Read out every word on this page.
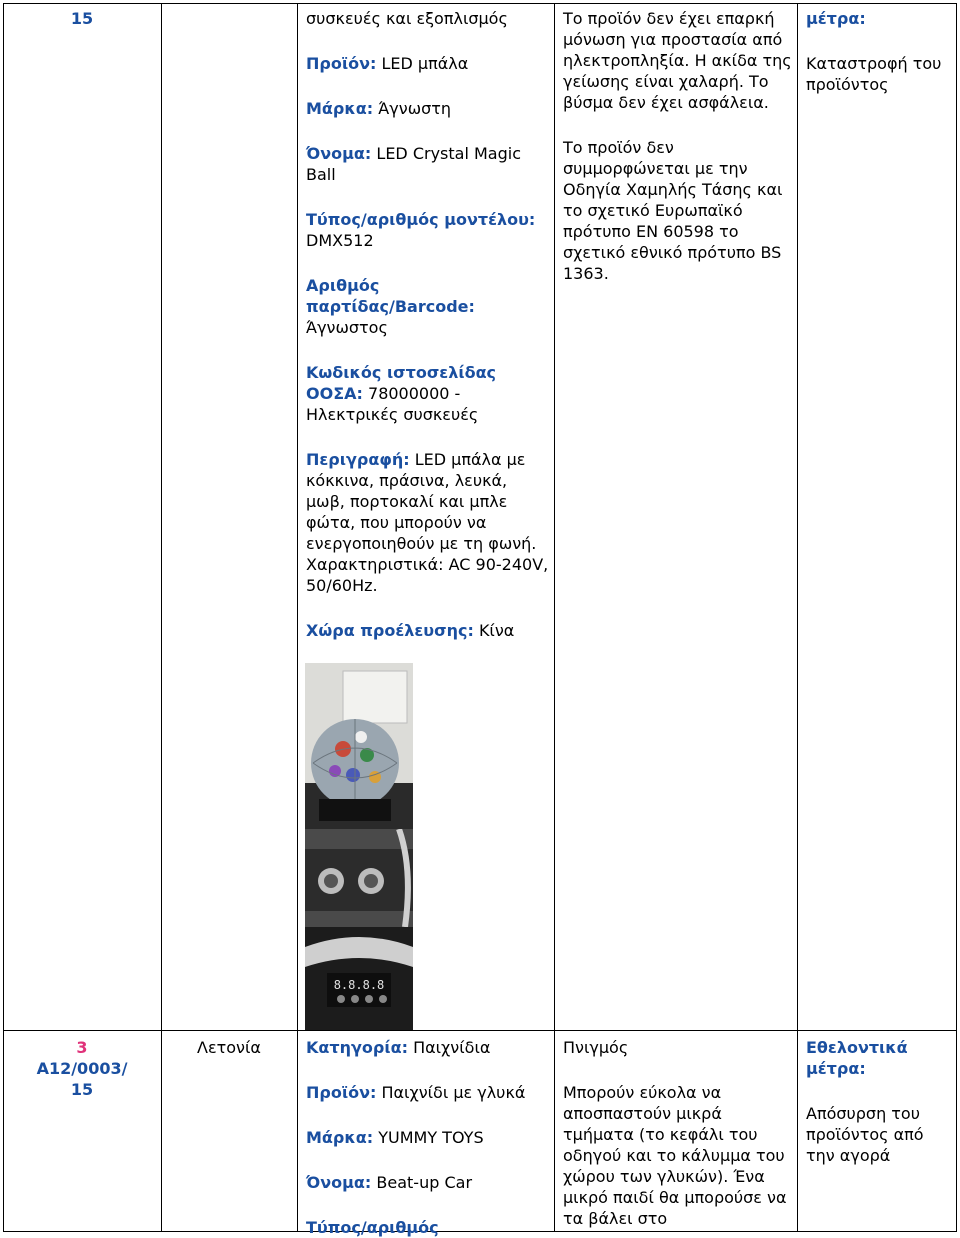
15	συσκευές και εξοπλισμός
Προϊόν: LED μπάλα
Μάρκα: Άγνωστη
Όνομα: LED Crystal Magic Ball
Τύπος/αριθμός μοντέλου: DMX512
Αριθμός παρτίδας/Barcode: Άγνωστος
Κωδικός ιστοσελίδας ΟΟΣΑ: 78000000 - Ηλεκτρικές συσκευές
Περιγραφή: LED μπάλα με κόκκινα, πράσινα, λευκά, μωβ, πορτοκαλί και μπλε φώτα, που μπορούν να ενεργοποιηθούν με τη φωνή. Χαρακτηριστικά: AC 90-240V, 50/60Hz.
Χώρα προέλευσης: Κίνα
8.8.8.8
Το προϊόν δεν έχει επαρκή μόνωση για προστασία από ηλεκτροπληξία. Η ακίδα της γείωσης είναι χαλαρή. Το βύσμα δεν έχει ασφάλεια.
Το προϊόν δεν συμμορφώνεται με την Οδηγία Χαμηλής Τάσης και το σχετικό Ευρωπαϊκό πρότυπο EN 60598 το σχετικό εθνικό πρότυπο BS 1363.
μέτρα:
Καταστροφή του προϊόντος
3
A12/0003/ 15
Λετονία	Κατηγορία: Παιχνίδια
Προϊόν: Παιχνίδι με γλυκά
Μάρκα: YUMMY TOYS
Όνομα: Beat-up Car
Τύπος/αριθμός
Πνιγμός
Μπορούν εύκολα να αποσπαστούν μικρά τμήματα (το κεφάλι του οδηγού και το κάλυμμα του χώρου των γλυκών). Ένα μικρό παιδί θα μπορούσε να τα βάλει στο
Εθελοντικά μέτρα:
Απόσυρση του προϊόντος από την αγορά
